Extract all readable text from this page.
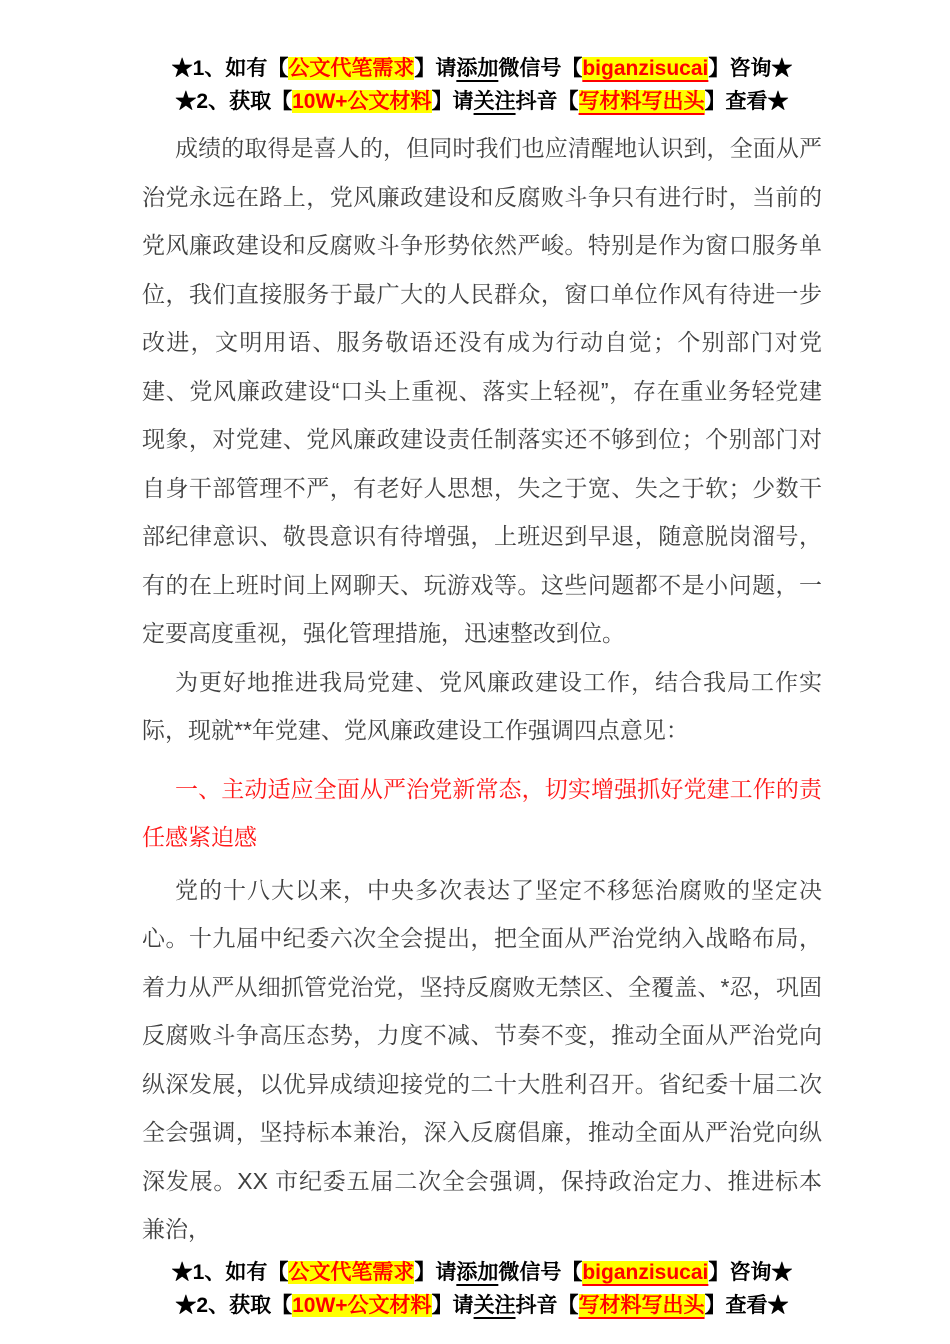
★1、如有【公文代笔需求】请添加微信号【biganzisucai】咨询★
★2、获取【10W+公文材料】请关注抖音【写材料写出头】查看★

成绩的取得是喜人的，但同时我们也应清醒地认识到，全面从严治党永远在路上，党风廉政建设和反腐败斗争只有进行时，当前的党风廉政建设和反腐败斗争形势依然严峻。特别是作为窗口服务单位，我们直接服务于最广大的人民群众，窗口单位作风有待进一步改进，文明用语、服务敬语还没有成为行动自觉；个别部门对党建、党风廉政建设“口头上重视、落实上轻视”，存在重业务轻党建现象，对党建、党风廉政建设责任制落实还不够到位；个别部门对自身干部管理不严，有老好人思想，失之于宽、失之于软；少数干部纪律意识、敬畏意识有待增强，上班迟到早退，随意脱岗溜号，有的在上班时间上网聊天、玩游戏等。这些问题都不是小问题，一定要高度重视，强化管理措施，迅速整改到位。

为更好地推进我局党建、党风廉政建设工作，结合我局工作实际，现就**年党建、党风廉政建设工作强调四点意见：

一、主动适应全面从严治党新常态，切实增强抓好党建工作的责任感紧迫感

党的十八大以来，中央多次表达了坚定不移惩治腐败的坚定决心。十九届中纪委六次全会提出，把全面从严治党纳入战略布局，着力从严从细抓管党治党，坚持反腐败无禁区、全覆盖、*忍，巩固反腐败斗争高压态势，力度不减、节奏不变，推动全面从严治党向纵深发展，以优异成绩迎接党的二十大胜利召开。省纪委十届二次全会强调，坚持标本兼治，深入反腐倡廉，推动全面从严治党向纵深发展。XX 市纪委五届二次全会强调，保持政治定力、推进标本兼治，

★1、如有【公文代笔需求】请添加微信号【biganzisucai】咨询★
★2、获取【10W+公文材料】请关注抖音【写材料写出头】查看★
